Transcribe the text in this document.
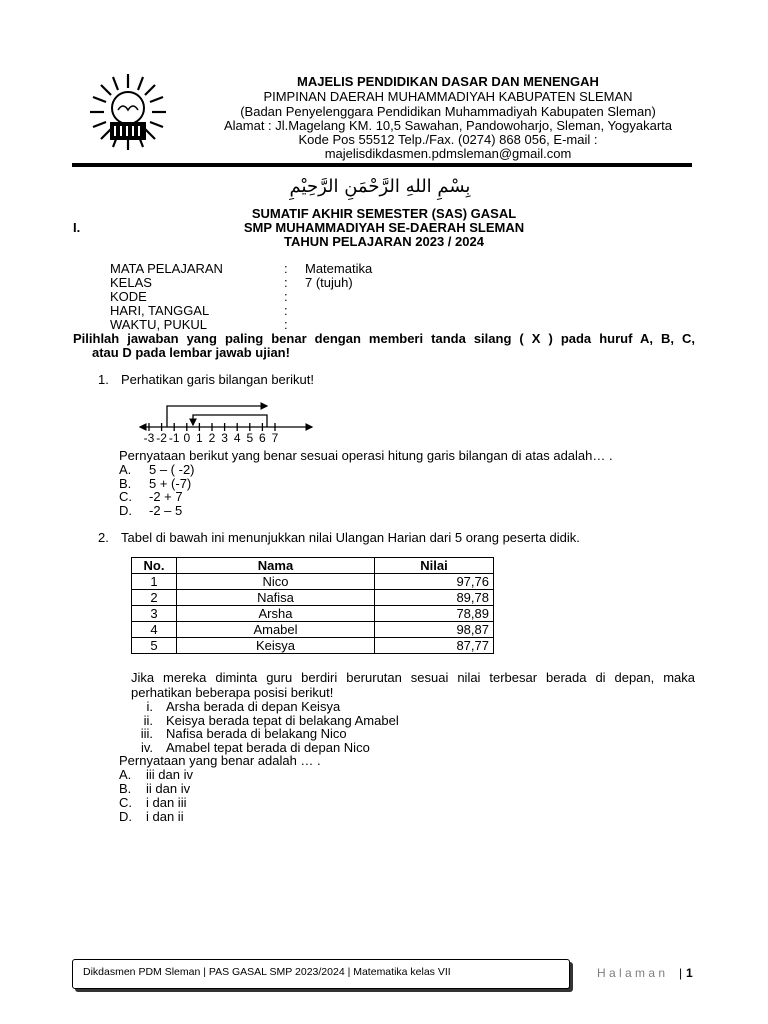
MAJELIS PENDIDIKAN DASAR DAN MENENGAH
PIMPINAN DAERAH MUHAMMADIYAH KABUPATEN SLEMAN
(Badan Penyelenggara Pendidikan Muhammadiyah Kabupaten Sleman)
Alamat : Jl.Magelang KM. 10,5 Sawahan, Pandowoharjo, Sleman, Yogyakarta
Kode Pos 55512 Telp./Fax. (0274) 868 056, E-mail :
majelisdikdasmen.pdmsleman@gmail.com
بِسْمِ اللهِ الرَّحْمَنِ الرَّحِيْمِ
SUMATIF AKHIR SEMESTER (SAS) GASAL
I.	SMP MUHAMMADIYAH SE-DAERAH SLEMAN
TAHUN PELAJARAN 2023 / 2024
MATA PELAJARAN	: Matematika
KELAS	: 7 (tujuh)
KODE	:
HARI, TANGGAL	:
WAKTU, PUKUL	:
Pilihlah jawaban yang paling benar dengan memberi tanda silang ( X ) pada huruf A, B, C,
atau D pada lembar jawab ujian!
1. Perhatikan garis bilangan berikut!
-3 -2 -1 0 1 2 3 4 5 6 7
Pernyataan berikut yang benar sesuai operasi hitung garis bilangan di atas adalah… .
A. 5 – ( -2)
B. 5 + (-7)
C. -2 + 7
D. -2 – 5
2. Tabel di bawah ini menunjukkan nilai Ulangan Harian dari 5 orang peserta didik.
No.	Nama	Nilai
1	Nico	97,76
2	Nafisa	89,78
3	Arsha	78,89
4	Amabel	98,87
5	Keisya	87,77
Jika mereka diminta guru berdiri berurutan sesuai nilai terbesar berada di depan, maka
perhatikan beberapa posisi berikut!
i. Arsha berada di depan Keisya
ii. Keisya berada tepat di belakang Amabel
iii. Nafisa berada di belakang Nico
iv. Amabel tepat berada di depan Nico
Pernyataan yang benar adalah … .
A. iii dan iv
B. ii dan iv
C. i dan iii
D. i dan ii
Dikdasmen PDM Sleman | PAS GASAL SMP 2023/2024 | Matematika kelas VII	H a l a m a n | 1
